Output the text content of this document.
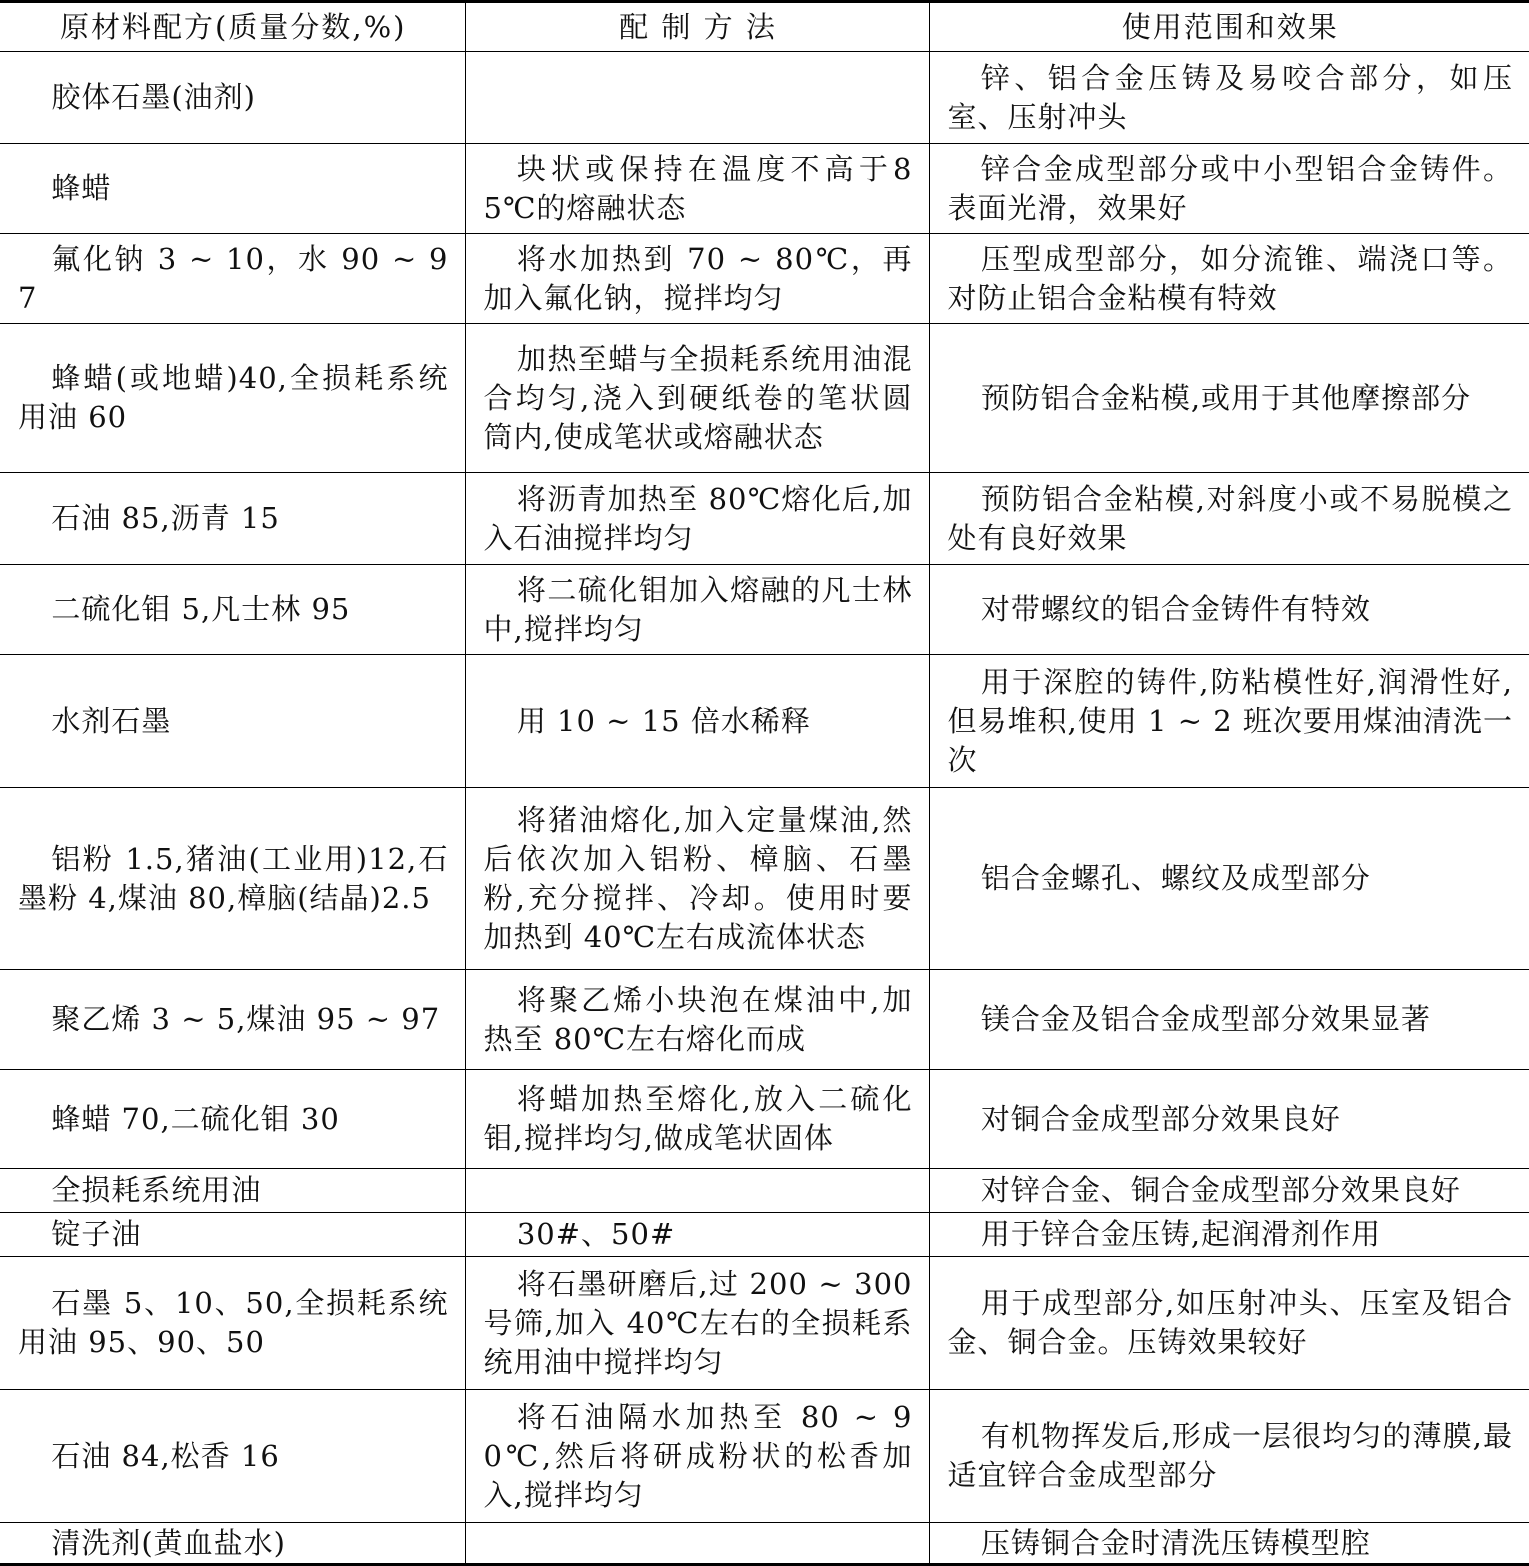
原材料配方(质量分数,%)	配 制 方 法	使用范围和效果

胶体石墨(油剂)		锌、铝合金压铸及易咬合部分，如压室、压射冲头

蜂蜡	块状或保持在温度不高于85℃的熔融状态	锌合金成型部分或中小型铝合金铸件。表面光滑，效果好

氟化钠 3 ~ 10，水 90 ~ 97	将水加热到 70 ~ 80℃，再加入氟化钠，搅拌均匀	压型成型部分，如分流锥、端浇口等。对防止铝合金粘模有特效

蜂蜡(或地蜡)40,全损耗系统用油 60	加热至蜡与全损耗系统用油混合均匀,浇入到硬纸卷的笔状圆筒内,使成笔状或熔融状态	预防铝合金粘模,或用于其他摩擦部分

石油 85,沥青 15	将沥青加热至 80℃熔化后,加入石油搅拌均匀	预防铝合金粘模,对斜度小或不易脱模之处有良好效果

二硫化钼 5,凡士林 95	将二硫化钼加入熔融的凡士林中,搅拌均匀	对带螺纹的铝合金铸件有特效

水剂石墨	用 10 ~ 15 倍水稀释	用于深腔的铸件,防粘模性好,润滑性好,但易堆积,使用 1 ~ 2 班次要用煤油清洗一次

铝粉 1.5,猪油(工业用)12,石墨粉 4,煤油 80,樟脑(结晶)2.5	将猪油熔化,加入定量煤油,然后依次加入铝粉、樟脑、石墨粉,充分搅拌、冷却。使用时要加热到 40℃左右成流体状态	铝合金螺孔、螺纹及成型部分

聚乙烯 3 ~ 5,煤油 95 ~ 97	将聚乙烯小块泡在煤油中,加热至 80℃左右熔化而成	镁合金及铝合金成型部分效果显著

蜂蜡 70,二硫化钼 30	将蜡加热至熔化,放入二硫化钼,搅拌均匀,做成笔状固体	对铜合金成型部分效果良好

全损耗系统用油		对锌合金、铜合金成型部分效果良好

锭子油	30#、50#	用于锌合金压铸,起润滑剂作用

石墨 5、10、50,全损耗系统用油 95、90、50	将石墨研磨后,过 200 ~ 300 号筛,加入 40℃左右的全损耗系统用油中搅拌均匀	用于成型部分,如压射冲头、压室及铝合金、铜合金。压铸效果较好

石油 84,松香 16	将石油隔水加热至 80 ~ 90℃,然后将研成粉状的松香加入,搅拌均匀	有机物挥发后,形成一层很均匀的薄膜,最适宜锌合金成型部分

清洗剂(黄血盐水)		压铸铜合金时清洗压铸模型腔
